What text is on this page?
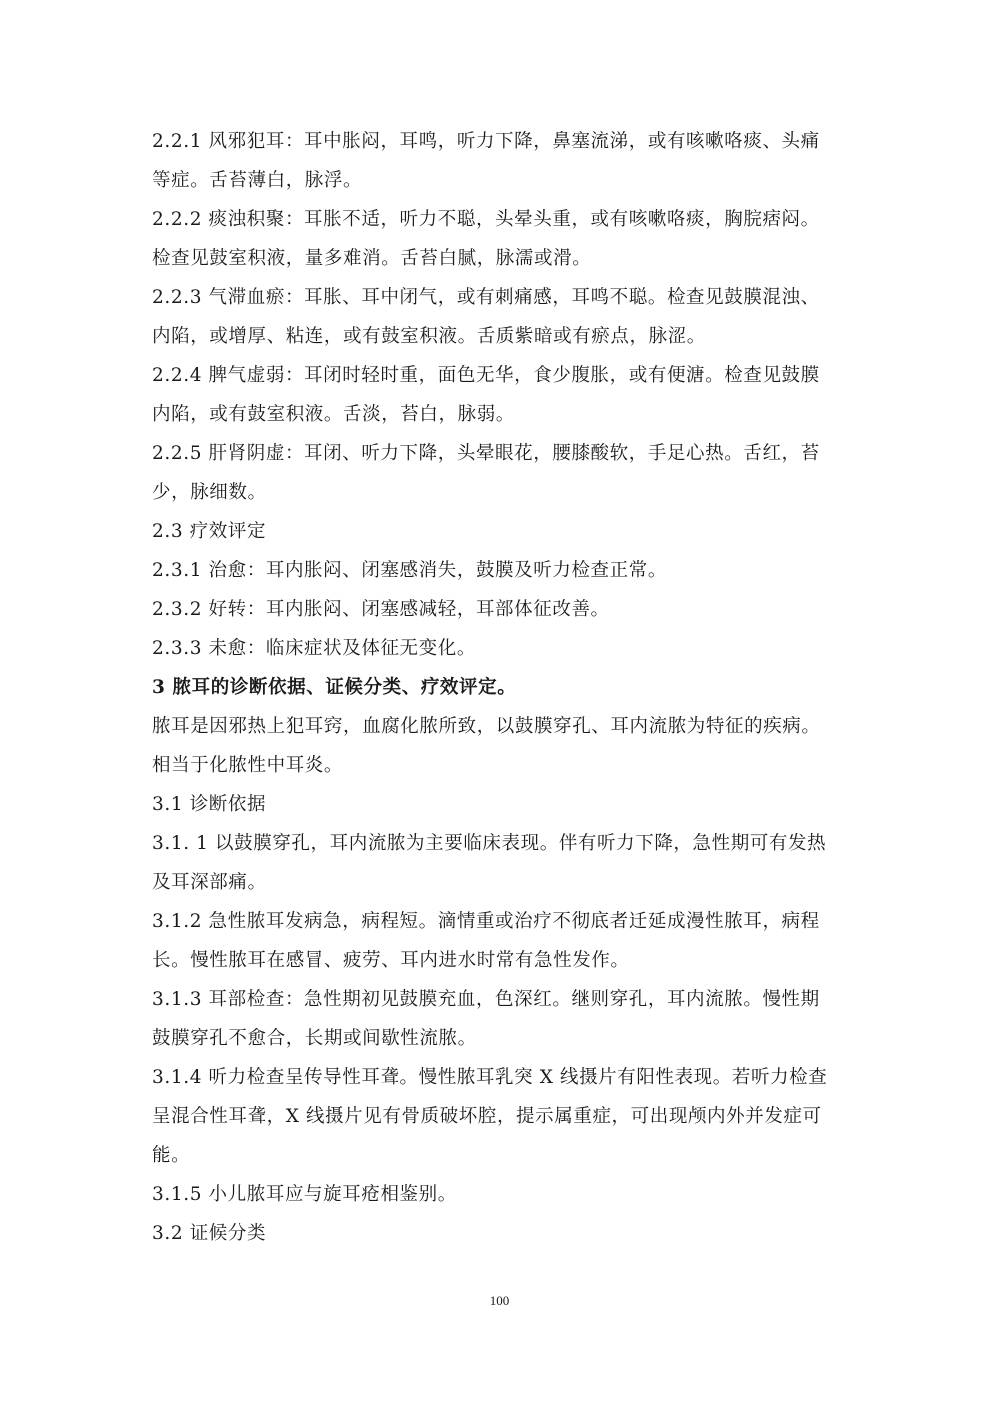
2.2.1 风邪犯耳：耳中胀闷，耳鸣，听力下降，鼻塞流涕，或有咳嗽咯痰、头痛
等症。舌苔薄白，脉浮。
2.2.2 痰浊积聚：耳胀不适，听力不聪，头晕头重，或有咳嗽咯痰，胸脘痞闷。
检查见鼓室积液，量多难消。舌苔白腻，脉濡或滑。
2.2.3 气滞血瘀：耳胀、耳中闭气，或有刺痛感，耳鸣不聪。检查见鼓膜混浊、
内陷，或增厚、粘连，或有鼓室积液。舌质紫暗或有瘀点，脉涩。
2.2.4 脾气虚弱：耳闭时轻时重，面色无华，食少腹胀，或有便溏。检查见鼓膜
内陷，或有鼓室积液。舌淡，苔白，脉弱。
2.2.5 肝肾阴虚：耳闭、听力下降，头晕眼花，腰膝酸软，手足心热。舌红，苔
少，脉细数。
2.3 疗效评定
2.3.1 治愈：耳内胀闷、闭塞感消失，鼓膜及听力检查正常。
2.3.2 好转：耳内胀闷、闭塞感减轻，耳部体征改善。
2.3.3 未愈：临床症状及体征无变化。
3 脓耳的诊断依据、证候分类、疗效评定。
脓耳是因邪热上犯耳窍，血腐化脓所致，以鼓膜穿孔、耳内流脓为特征的疾病。
相当于化脓性中耳炎。
3.1 诊断依据
3.1. 1 以鼓膜穿孔，耳内流脓为主要临床表现。伴有听力下降，急性期可有发热
及耳深部痛。
3.1.2 急性脓耳发病急，病程短。滴情重或治疗不彻底者迁延成漫性脓耳，病程
长。慢性脓耳在感冒、疲劳、耳内进水时常有急性发作。
3.1.3 耳部检查：急性期初见鼓膜充血，色深红。继则穿孔，耳内流脓。慢性期
鼓膜穿孔不愈合，长期或间歇性流脓。
3.1.4 听力检查呈传导性耳聋。慢性脓耳乳突 X 线摄片有阳性表现。若听力检查
呈混合性耳聋，X 线摄片见有骨质破坏腔，提示属重症，可出现颅内外并发症可
能。
3.1.5 小儿脓耳应与旋耳疮相鉴别。
3.2 证候分类
100
